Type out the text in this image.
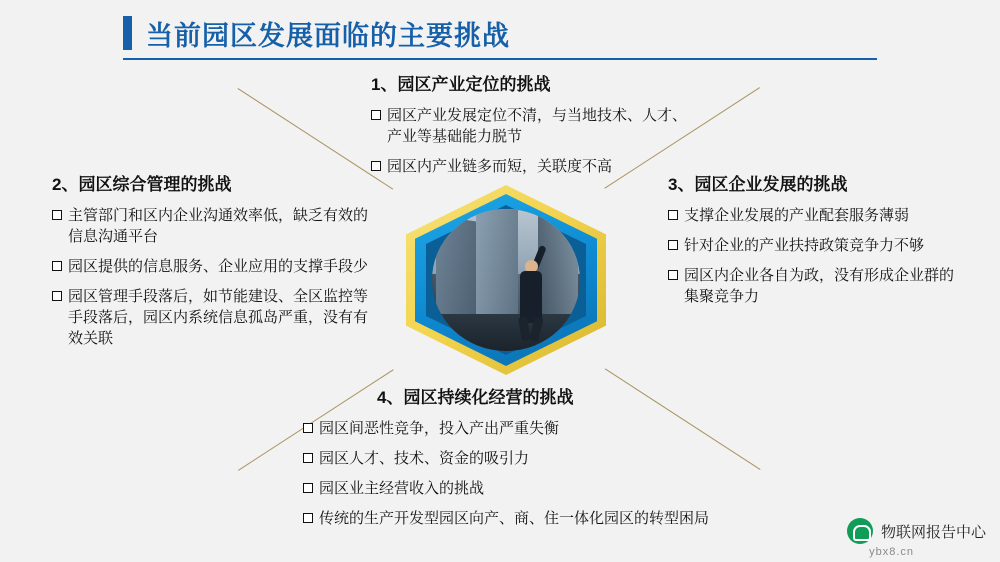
当前园区发展面临的主要挑战
1、园区产业定位的挑战
园区产业发展定位不清，与当地技术、人才、产业等基础能力脱节
园区内产业链多而短，关联度不高
2、园区综合管理的挑战
主管部门和区内企业沟通效率低，缺乏有效的信息沟通平台
园区提供的信息服务、企业应用的支撑手段少
园区管理手段落后，如节能建设、全区监控等手段落后，园区内系统信息孤岛严重，没有有效关联
3、园区企业发展的挑战
支撑企业发展的产业配套服务薄弱
针对企业的产业扶持政策竞争力不够
园区内企业各自为政，没有形成企业群的集聚竞争力
4、园区持续化经营的挑战
园区间恶性竞争，投入产出严重失衡
园区人才、技术、资金的吸引力
园区业主经营收入的挑战
传统的生产开发型园区向产、商、住一体化园区的转型困局
物联网报告中心
ybx8.cn
